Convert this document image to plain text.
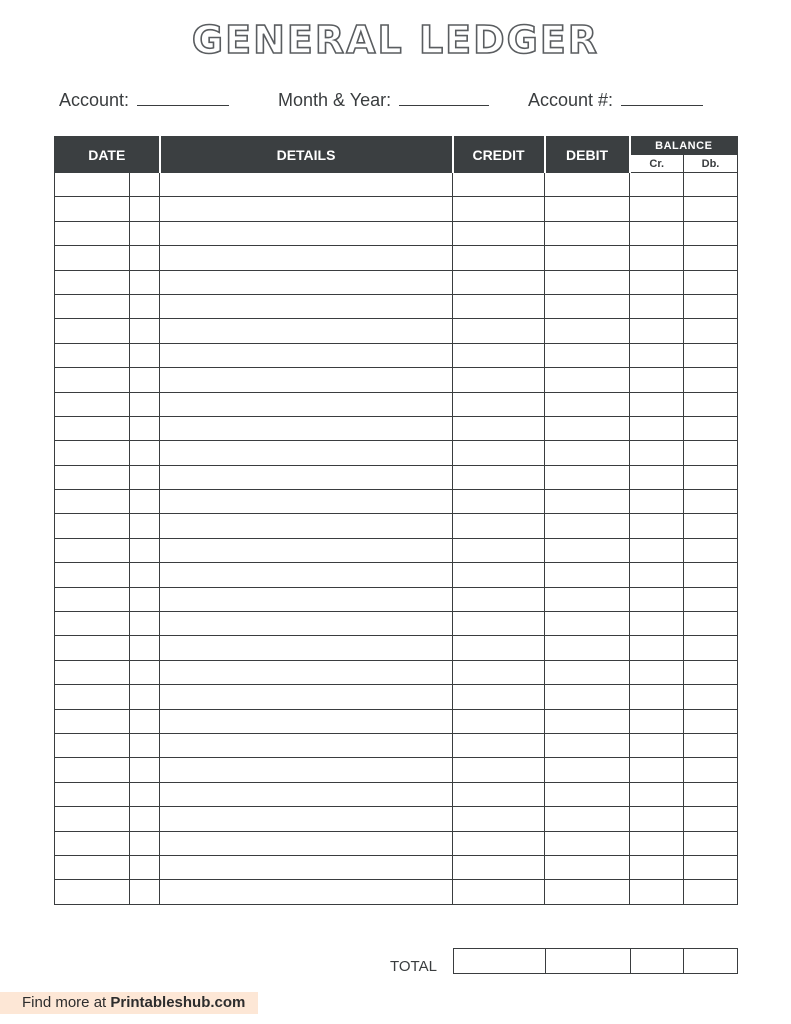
GENERAL LEDGER
Account:	Month & Year:	Account #:
DATE		DETAILS	CREDIT	DEBIT	BALANCE	
					Cr.	Db.

TOTAL

Find more at Printableshub.com
